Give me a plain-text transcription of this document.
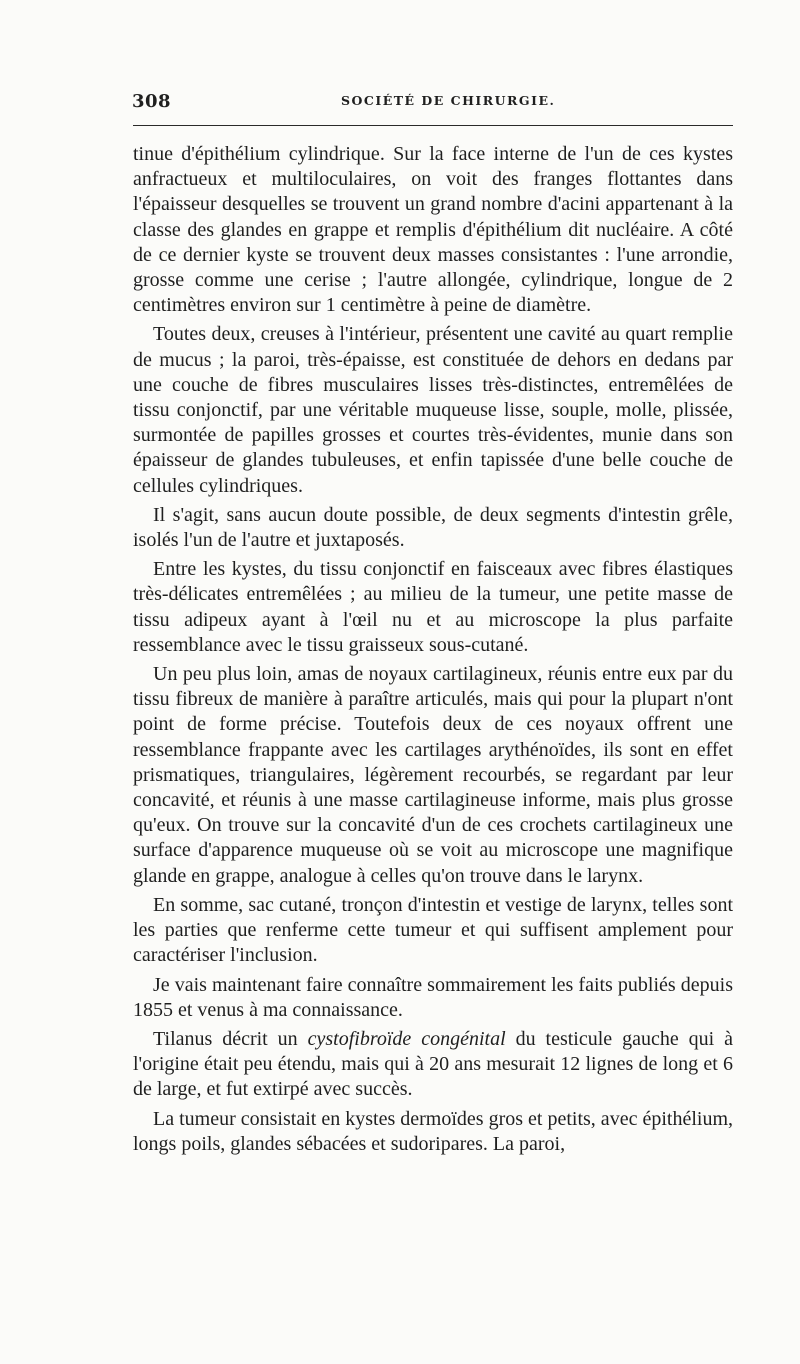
308	SOCIÉTÉ DE CHIRURGIE.

tinue d'épithélium cylindrique. Sur la face interne de l'un de ces kystes anfractueux et multiloculaires, on voit des franges flottantes dans l'épaisseur desquelles se trouvent un grand nombre d'acini appartenant à la classe des glandes en grappe et remplis d'épithélium dit nucléaire. A côté de ce dernier kyste se trouvent deux masses consistantes : l'une arrondie, grosse comme une cerise ; l'autre allongée, cylindrique, longue de 2 centimètres environ sur 1 centimètre à peine de diamètre.

Toutes deux, creuses à l'intérieur, présentent une cavité au quart remplie de mucus ; la paroi, très-épaisse, est constituée de dehors en dedans par une couche de fibres musculaires lisses très-distinctes, entremêlées de tissu conjonctif, par une véritable muqueuse lisse, souple, molle, plissée, surmontée de papilles grosses et courtes très-évidentes, munie dans son épaisseur de glandes tubuleuses, et enfin tapissée d'une belle couche de cellules cylindriques.

Il s'agit, sans aucun doute possible, de deux segments d'intestin grêle, isolés l'un de l'autre et juxtaposés.

Entre les kystes, du tissu conjonctif en faisceaux avec fibres élastiques très-délicates entremêlées ; au milieu de la tumeur, une petite masse de tissu adipeux ayant à l'œil nu et au microscope la plus parfaite ressemblance avec le tissu graisseux sous-cutané.

Un peu plus loin, amas de noyaux cartilagineux, réunis entre eux par du tissu fibreux de manière à paraître articulés, mais qui pour la plupart n'ont point de forme précise. Toutefois deux de ces noyaux offrent une ressemblance frappante avec les cartilages arythénoïdes, ils sont en effet prismatiques, triangulaires, légèrement recourbés, se regardant par leur concavité, et réunis à une masse cartilagineuse informe, mais plus grosse qu'eux. On trouve sur la concavité d'un de ces crochets cartilagineux une surface d'apparence muqueuse où se voit au microscope une magnifique glande en grappe, analogue à celles qu'on trouve dans le larynx.

En somme, sac cutané, tronçon d'intestin et vestige de larynx, telles sont les parties que renferme cette tumeur et qui suffisent amplement pour caractériser l'inclusion.

Je vais maintenant faire connaître sommairement les faits publiés depuis 1855 et venus à ma connaissance.

Tilanus décrit un cystofibroïde congénital du testicule gauche qui à l'origine était peu étendu, mais qui à 20 ans mesurait 12 lignes de long et 6 de large, et fut extirpé avec succès.

La tumeur consistait en kystes dermoïdes gros et petits, avec épithélium, longs poils, glandes sébacées et sudoripares. La paroi,
